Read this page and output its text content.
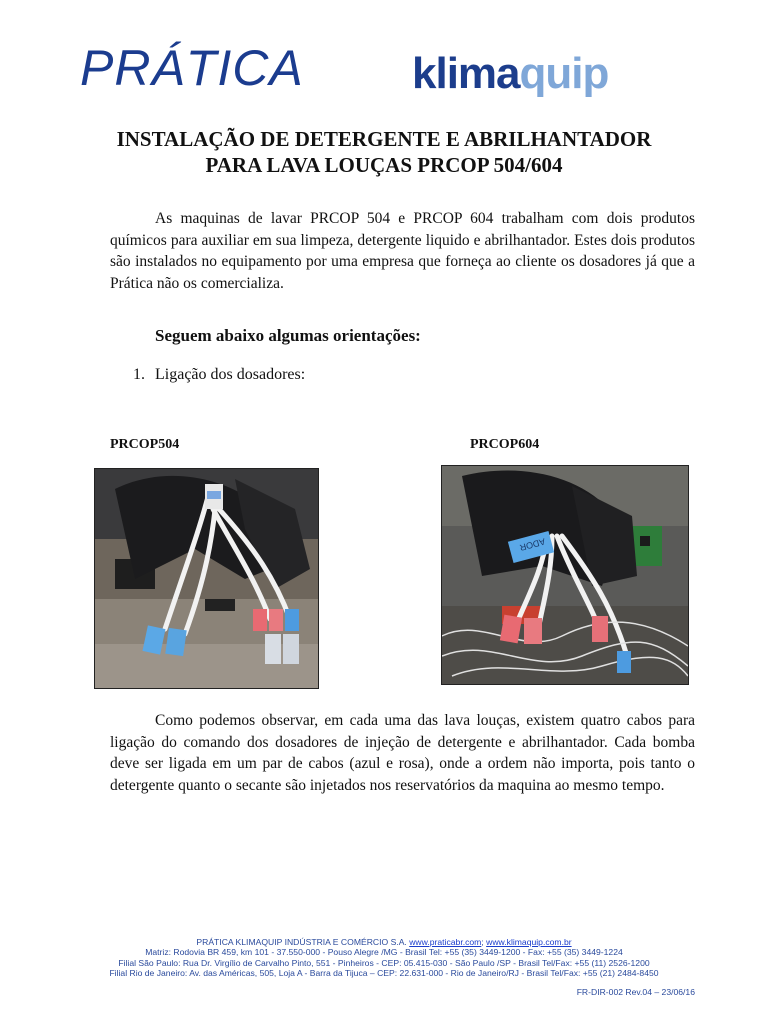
PRÁTICA klimaquip
INSTALAÇÃO DE DETERGENTE E ABRILHANTADOR
PARA LAVA LOUÇAS PRCOP 504/604
As maquinas de lavar PRCOP 504 e PRCOP 604 trabalham com dois produtos químicos para auxiliar em sua limpeza, detergente liquido e abrilhantador. Estes dois produtos são instalados no equipamento por uma empresa que forneça ao cliente os dosadores já que a Prática não os comercializa.
Seguem abaixo algumas orientações:
1. Ligação dos dosadores:
PRCOP504	PRCOP604
ADOR
Como podemos observar, em cada uma das lava louças, existem quatro cabos para ligação do comando dos dosadores de injeção de detergente e abrilhantador. Cada bomba deve ser ligada em um par de cabos (azul e rosa), onde a ordem não importa, pois tanto o detergente quanto o secante são injetados nos reservatórios da maquina ao mesmo tempo.
PRÁTICA KLIMAQUIP INDÚSTRIA E COMÉRCIO S.A. www.praticabr.com; www.klimaquip.com.br
Matriz: Rodovia BR 459, km 101 - 37.550-000 - Pouso Alegre /MG - Brasil Tel: +55 (35) 3449-1200 - Fax: +55 (35) 3449-1224
Filial São Paulo: Rua Dr. Virgílio de Carvalho Pinto, 551 - Pinheiros - CEP: 05.415-030 - São Paulo /SP - Brasil Tel/Fax: +55 (11) 2526-1200
Filial Rio de Janeiro: Av. das Américas, 505, Loja A - Barra da Tijuca – CEP: 22.631-000 - Rio de Janeiro/RJ - Brasil Tel/Fax: +55 (21) 2484-8450
FR-DIR-002 Rev.04 – 23/06/16
